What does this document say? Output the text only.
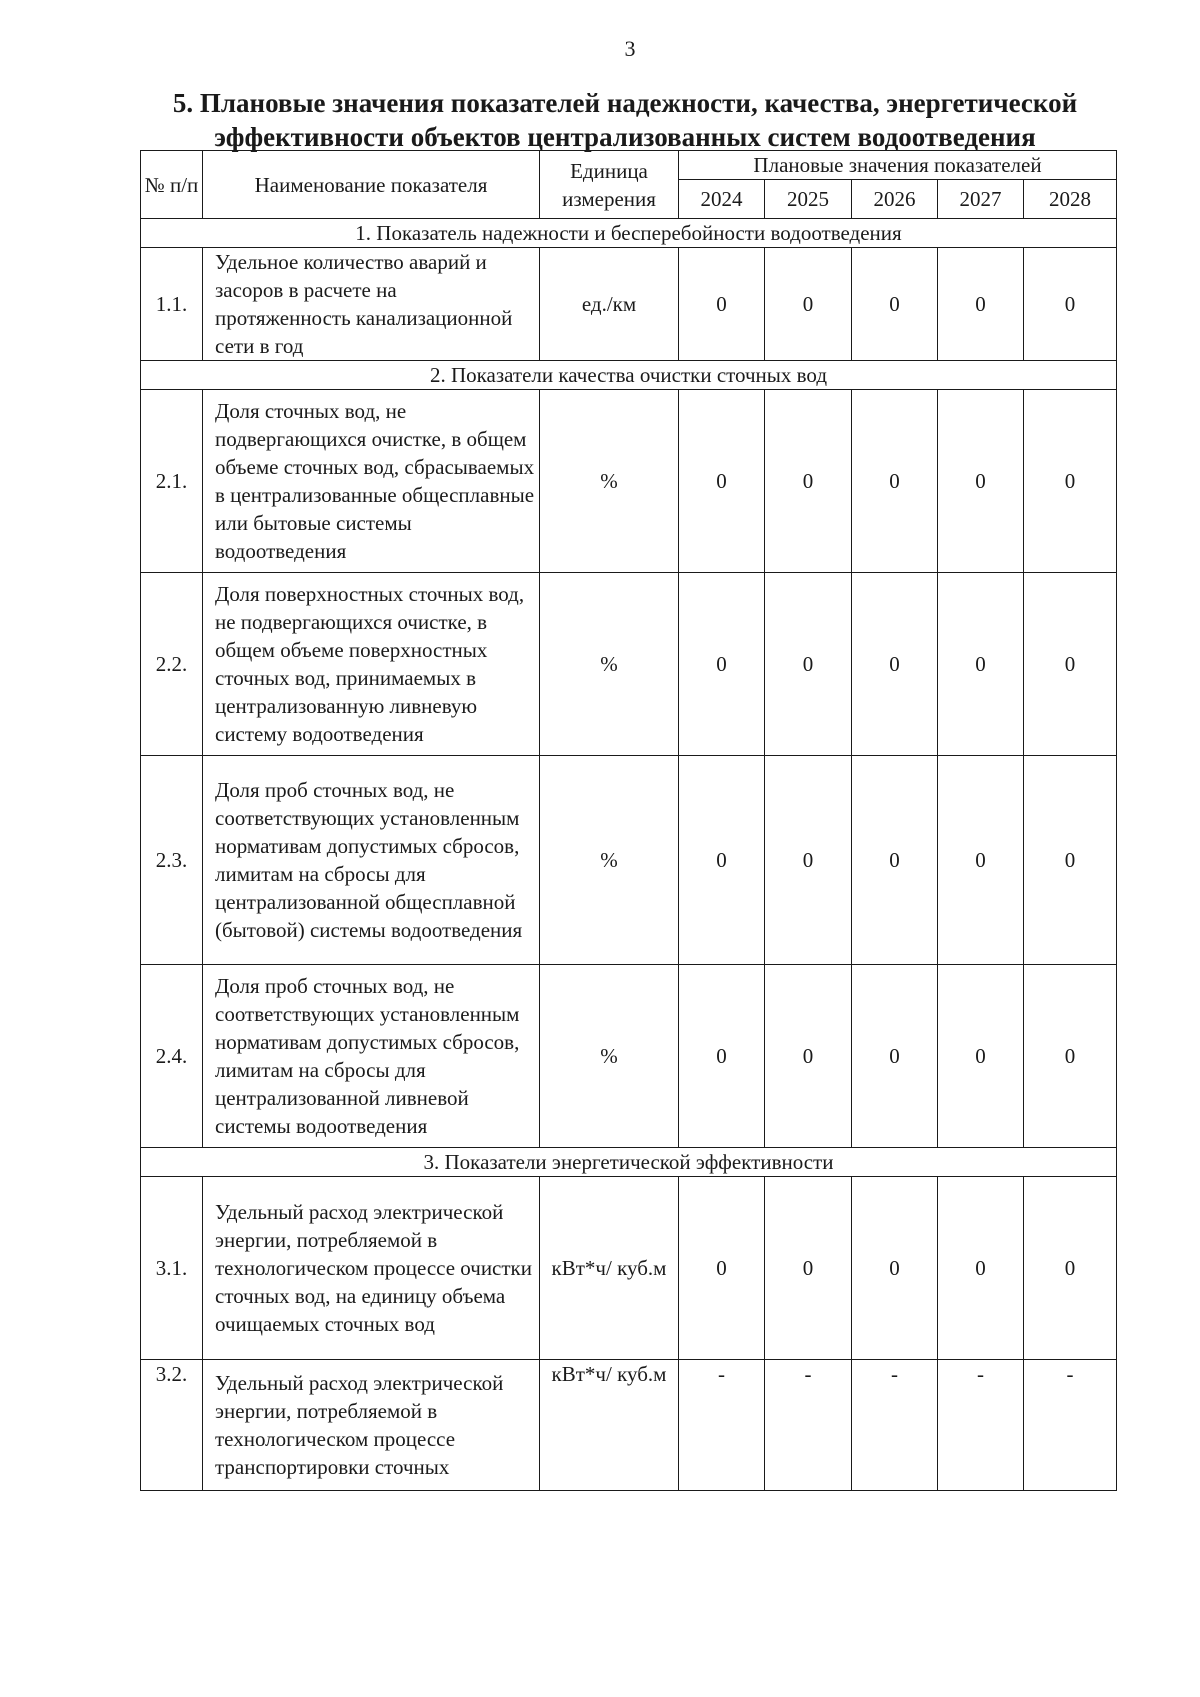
3
5. Плановые значения показателей надежности, качества, энергетической
эффективности объектов централизованных систем водоотведения
№ п/п	Наименование показателя	Единица измерения	Плановые значения показателей				
			2024	2025	2026	2027	2028
1. Показатель надежности и бесперебойности водоотведения							
1.1.	Удельное количество аварий и засоров в расчете на протяженность канализационной сети в год	ед./км	0	0	0	0	0
2. Показатели качества очистки сточных вод							
2.1.	Доля сточных вод, не подвергающихся очистке, в общем объеме сточных вод, сбрасываемых в централизованные общесплавные или бытовые системы водоотведения	%	0	0	0	0	0
2.2.	Доля поверхностных сточных вод, не подвергающихся очистке, в общем объеме поверхностных сточных вод, принимаемых в централизованную ливневую систему водоотведения	%	0	0	0	0	0
2.3.	Доля проб сточных вод, не соответствующих установленным нормативам допустимых сбросов, лимитам на сбросы для централизованной общесплавной (бытовой) системы водоотведения	%	0	0	0	0	0
2.4.	Доля проб сточных вод, не соответствующих установленным нормативам допустимых сбросов, лимитам на сбросы для централизованной ливневой системы водоотведения	%	0	0	0	0	0
3. Показатели энергетической эффективности							
3.1.	Удельный расход электрической энергии, потребляемой в технологическом процессе очистки сточных вод, на единицу объема очищаемых сточных вод	кВт*ч/ куб.м	0	0	0	0	0
3.2.	Удельный расход электрической энергии, потребляемой в технологическом процессе транспортировки сточных	кВт*ч/ куб.м	-	-	-	-	-
